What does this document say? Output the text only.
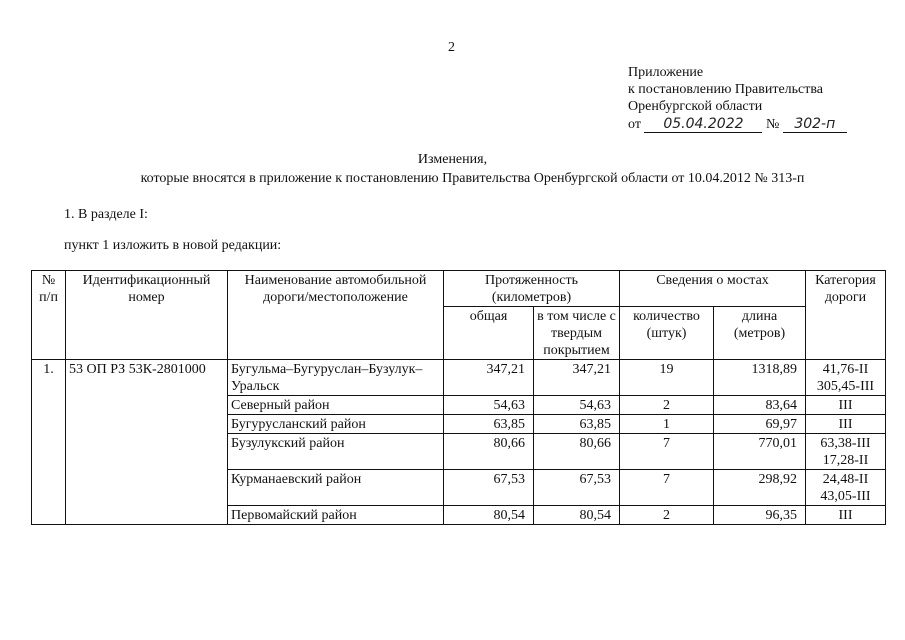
2
Приложение
к постановлению Правительства
Оренбургской области
от 05.04.2022 № 302-п
Изменения,
которые вносятся в приложение к постановлению Правительства Оренбургской области от 10.04.2012 № 313-п
1. В разделе I:
пункт 1 изложить в новой редакции:
№ п/п	Идентификационный номер	Наименование автомобильной дороги/местоположение	Протяженность (километров)		Сведения о мостах		Категория дороги
			общая	в том числе с твердым покрытием	количество (штук)	длина (метров)	
1.	53 ОП РЗ 53К-2801000	Бугульма–Бугуруслан–Бузулук–Уральск	347,21	347,21	19	1318,89	41,76-II
305,45-III

		Северный район	54,63	54,63	2	83,64	III
		Бугурусланский район	63,85	63,85	1	69,97	III
		Бузулукский район	80,66	80,66	7	770,01	63,38-III
17,28-II

		Курманаевский район	67,53	67,53	7	298,92	24,48-II
43,05-III

		Первомайский район	80,54	80,54	2	96,35	III
